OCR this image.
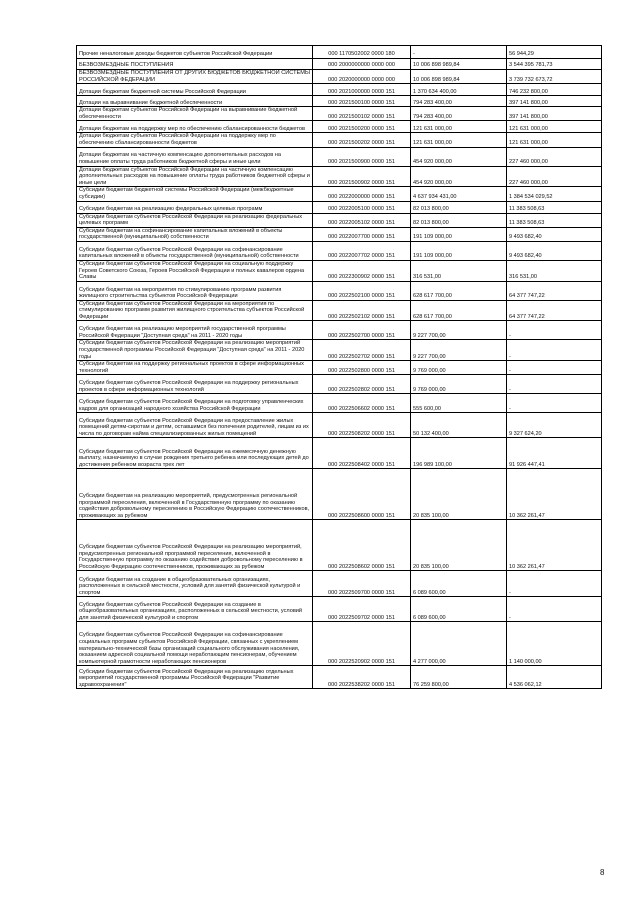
Прочие неналоговые доходы бюджетов субъектов Российской Федерации	000 1170502002 0000 180	-	56 944,29
БЕЗВОЗМЕЗДНЫЕ ПОСТУПЛЕНИЯ	000 2000000000 0000 000	10 006 898 989,84	3 544 395 781,73
БЕЗВОЗМЕЗДНЫЕ ПОСТУПЛЕНИЯ ОТ ДРУГИХ БЮДЖЕТОВ БЮДЖЕТНОЙ СИСТЕМЫ РОССИЙСКОЙ ФЕДЕРАЦИИ	000 2020000000 0000 000	10 006 898 989,84	3 739 732 673,72
Дотации бюджетам бюджетной системы Российской Федерации	000 2021000000 0000 151	1 370 634 400,00	746 232 800,00
Дотации на выравнивание бюджетной обеспеченности	000 2021500100 0000 151	794 283 400,00	397 141 800,00
Дотации бюджетам субъектов Российской Федерации на выравнивание бюджетной обеспеченности	000 2021500102 0000 151	794 283 400,00	397 141 800,00
Дотации бюджетам на поддержку мер по обеспечению сбалансированности бюджетов	000 2021500200 0000 151	121 631 000,00	121 631 000,00
Дотации бюджетам субъектов Российской Федерации на поддержку мер по обеспечению сбалансированности бюджетов	000 2021500202 0000 151	121 631 000,00	121 631 000,00
Дотации бюджетам на частичную компенсацию дополнительных расходов на повышение оплаты труда работников бюджетной сферы и иные цели	000 2021500900 0000 151	454 920 000,00	227 460 000,00
Дотации бюджетам субъектов Российской Федерации на частичную компенсацию дополнительных расходов на повышение оплаты труда работников бюджетной сферы и иные цели	000 2021500902 0000 151	454 920 000,00	227 460 000,00
Субсидии бюджетам бюджетной системы Российской Федерации (межбюджетные субсидии)	000 2022000000 0000 151	4 637 934 431,00	1 384 534 029,52
Субсидии бюджетам на реализацию федеральных целевых программ	000 2022005100 0000 151	82 013 800,00	11 383 508,63
Субсидии бюджетам субъектов Российской Федерации на реализацию федеральных целевых программ	000 2022005102 0000 151	82 013 800,00	11 383 508,63
Субсидии бюджетам на софинансирование капитальных вложений в объекты государственной (муниципальной) собственности	000 2022007700 0000 151	191 109 000,00	9 493 682,40
Субсидии бюджетам субъектов Российской Федерации на софинансирование капитальных вложений в объекты государственной (муниципальной) собственности	000 2022007702 0000 151	191 109 000,00	9 493 682,40
Субсидии бюджетам субъектов Российской Федерации на социальную поддержку Героев Советского Союза, Героев Российской Федерации и полных кавалеров ордена Славы	000 2022300902 0000 151	316 531,00	316 531,00
Субсидии бюджетам на мероприятия по стимулированию программ развития жилищного строительства субъектов Российской Федерации	000 2022502100 0000 151	628 617 700,00	64 377 747,22
Субсидии бюджетам субъектов Российской Федерации на мероприятия по стимулированию программ развития жилищного строительства субъектов Российской Федерации	000 2022502102 0000 151	628 617 700,00	64 377 747,22
Субсидии бюджетам на реализацию мероприятий государственной программы Российской Федерации "Доступная среда" на 2011 - 2020 годы	000 2022502700 0000 151	9 227 700,00	-
Субсидии бюджетам субъектов Российской Федерации на реализацию мероприятий государственной программы Российской Федерации "Доступная среда" на 2011 - 2020 годы	000 2022502702 0000 151	9 227 700,00	-
Субсидии бюджетам на поддержку региональных проектов в сфере информационных технологий	000 2022502800 0000 151	9 769 000,00	-
Субсидии бюджетам субъектов Российской Федерации на поддержку региональных проектов в сфере информационных технологий	000 2022502802 0000 151	9 769 000,00	-
Субсидии бюджетам субъектов Российской Федерации на подготовку управленческих кадров для организаций народного хозяйства Российской Федерации	000 2022506602 0000 151	555 600,00	-
Субсидии бюджетам субъектов Российской Федерации на предоставление жилых помещений детям-сиротам и детям, оставшимся без попечения родителей, лицам из их числа по договорам найма специализированных жилых помещений	000 2022508202 0000 151	50 132 400,00	9 327 624,20
Субсидии бюджетам субъектов Российской Федерации на ежемесячную денежную выплату, назначаемую в случае рождения третьего ребенка или последующих детей до достижения ребенком возраста трех лет	000 2022508402 0000 151	196 989 100,00	91 926 447,41
Субсидии бюджетам на реализацию мероприятий, предусмотренных региональной программой переселения, включенной в Государственную программу по оказанию содействия добровольному переселению в Российскую Федерацию соотечественников, проживающих за рубежом	000 2022508600 0000 151	20 835 100,00	10 362 261,47
Субсидии бюджетам субъектов Российской Федерации на реализацию мероприятий, предусмотренных региональной программой переселения, включенной в Государственную программу по оказанию содействия добровольному переселению в Российскую Федерацию соотечественников, проживающих за рубежом	000 2022508602 0000 151	20 835 100,00	10 362 261,47
Субсидии бюджетам на создание в общеобразовательных организациях, расположенных в сельской местности, условий для занятий физической культурой и спортом	000 2022509700 0000 151	6 089 600,00	-
Субсидии бюджетам субъектов Российской Федерации на создание в общеобразовательных организациях, расположенных в сельской местности, условий для занятий физической культурой и спортом	000 2022509702 0000 151	6 089 600,00	-
Субсидии бюджетам субъектов Российской Федерации на софинансирование социальных программ субъектов Российской Федерации, связанных с укреплением материально-технической базы организаций социального обслуживания населения, оказанием адресной социальной помощи неработающим пенсионерам, обучением компьютерной грамотности неработающих пенсионеров	000 2022520902 0000 151	4 277 000,00	1 140 000,00
Субсидии бюджетам субъектов Российской Федерации на реализацию отдельных мероприятий государственной программы Российской Федерации "Развитие здравоохранения"	000 2022538202 0000 151	76 259 800,00	4 536 062,12
8
